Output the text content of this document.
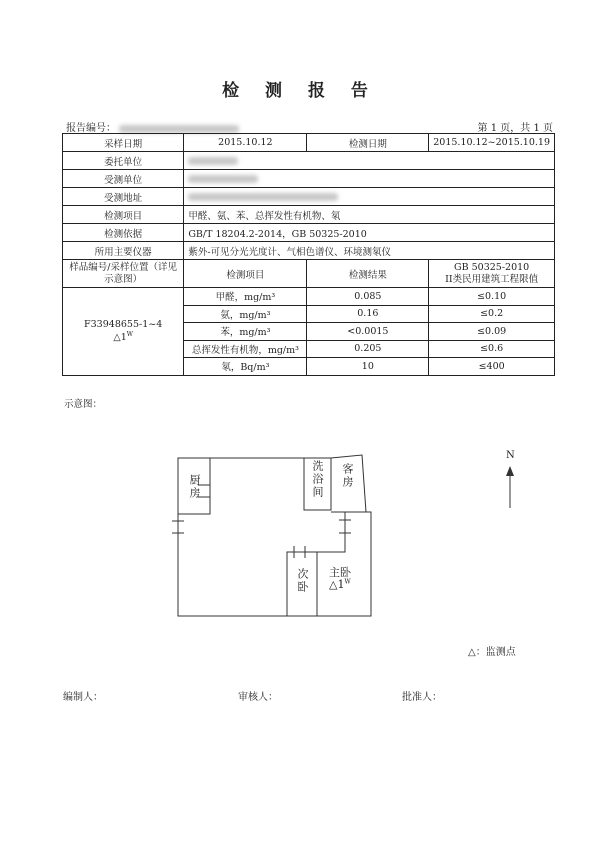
检 测 报 告
报告编号：	第 1 页，共 1 页
采样日期	2015.10.12	检测日期	2015.10.12~2015.10.19
委托单位			
受测单位			
受测地址			
检测项目	甲醛、氨、苯、总挥发性有机物、氡		
检测依据	GB/T 18204.2-2014，GB 50325-2010		
所用主要仪器	紫外-可见分光光度计、气相色谱仪、环境测氡仪		
样品编号/采样位置（详见示意图）	检测项目	检测结果	GB 50325-2010
II类民用建筑工程限值

F33948655-1~4
$\triangle 1^W$	甲醛，mg/m³	0.085	≤0.10
	氨，mg/m³	0.16	≤0.2
	苯，mg/m³	<0.0015	≤0.09
	总挥发性有机物，mg/m³	0.205	≤0.6
	氡，Bq/m³	10	≤400
示意图：
厨房	洗浴间 客房
次卧 主卧
$\triangle 1^W$
N
△：监测点
编制人：	审核人：	批准人：
